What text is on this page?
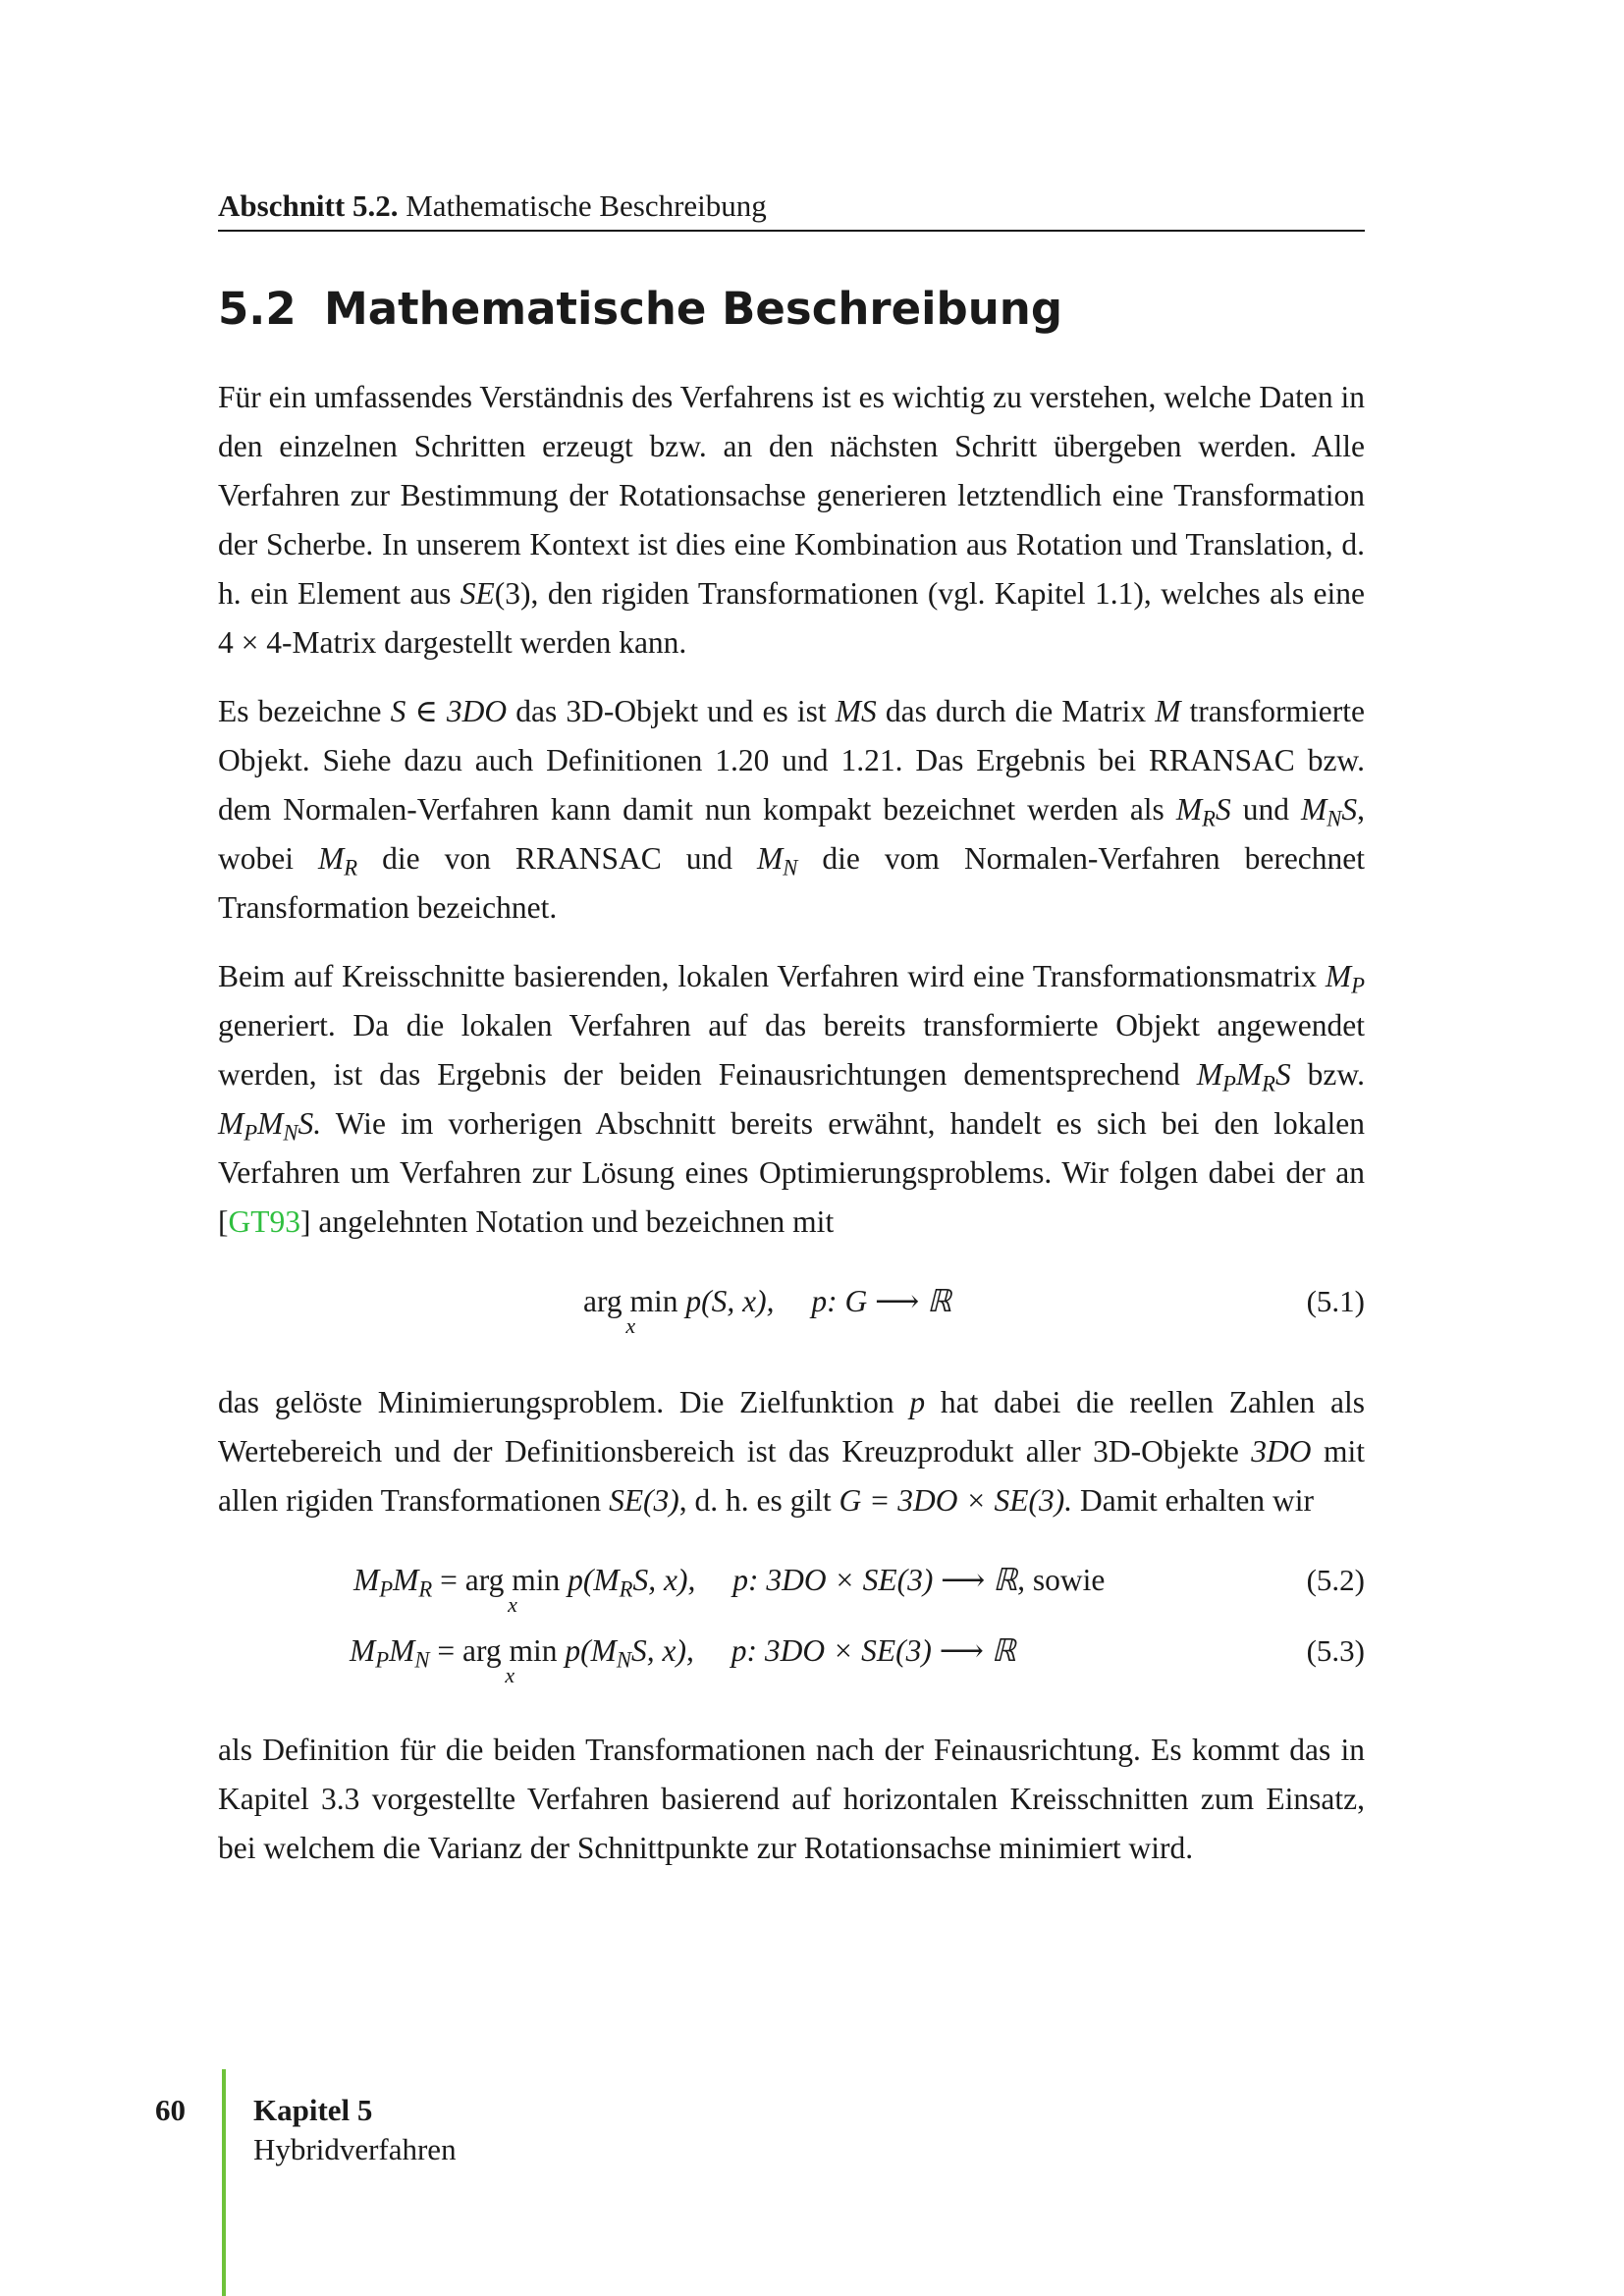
Abschnitt 5.2. Mathematische Beschreibung
5.2 Mathematische Beschreibung

Für ein umfassendes Verständnis des Verfahrens ist es wichtig zu verstehen, welche Daten in den einzelnen Schritten erzeugt bzw. an den nächsten Schritt übergeben werden. Alle Verfahren zur Bestimmung der Rotationsachse generieren letztendlich eine Transformation der Scherbe. In unserem Kontext ist dies eine Kombination aus Rotation und Translation, d. h. ein Element aus SE(3), den rigiden Transformationen (vgl. Kapitel 1.1), welches als eine 4 × 4-Matrix dargestellt werden kann.

Es bezeichne S ∈ 3DO das 3D-Objekt und es ist MS das durch die Matrix M transformierte Objekt. Siehe dazu auch Definitionen 1.20 und 1.21. Das Ergebnis bei RRANSAC bzw. dem Normalen-Verfahren kann damit nun kompakt bezeichnet werden als $M_RS$ und $M_NS$, wobei $M_R$ die von RRANSAC und $M_N$ die vom Normalen-Verfahren berechnet Transformation bezeichnet.

Beim auf Kreisschnitte basierenden, lokalen Verfahren wird eine Transformationsmatrix $M_P$ generiert. Da die lokalen Verfahren auf das bereits transformierte Objekt angewendet werden, ist das Ergebnis der beiden Feinausrichtungen dementsprechend $M_PM_RS$ bzw. $M_PM_NS$. Wie im vorherigen Abschnitt bereits erwähnt, handelt es sich bei den lokalen Verfahren um Verfahren zur Lösung eines Optimierungsproblems. Wir folgen dabei der an [GT93] angelehnten Notation und bezeichnen mit

arg min
x
p(S, x), p: G ⟶ ℝ	(5.1)

das gelöste Minimierungsproblem. Die Zielfunktion p hat dabei die reellen Zahlen als Wertebereich und der Definitionsbereich ist das Kreuzprodukt aller 3D-Objekte 3DO mit allen rigiden Transformationen SE(3), d. h. es gilt G = 3DO × SE(3). Damit erhalten wir

$M_PM_R$ = arg min
x
$p(M_RS$, x), p: 3DO × SE(3) ⟶ ℝ, sowie	(5.2)
$M_PM_N$ = arg min
x
$p(M_NS$, x), p: 3DO × SE(3) ⟶ ℝ	(5.3)

als Definition für die beiden Transformationen nach der Feinausrichtung. Es kommt das in Kapitel 3.3 vorgestellte Verfahren basierend auf horizontalen Kreisschnitten zum Einsatz, bei welchem die Varianz der Schnittpunkte zur Rotationsachse minimiert wird.

60 Kapitel 5
Hybridverfahren
